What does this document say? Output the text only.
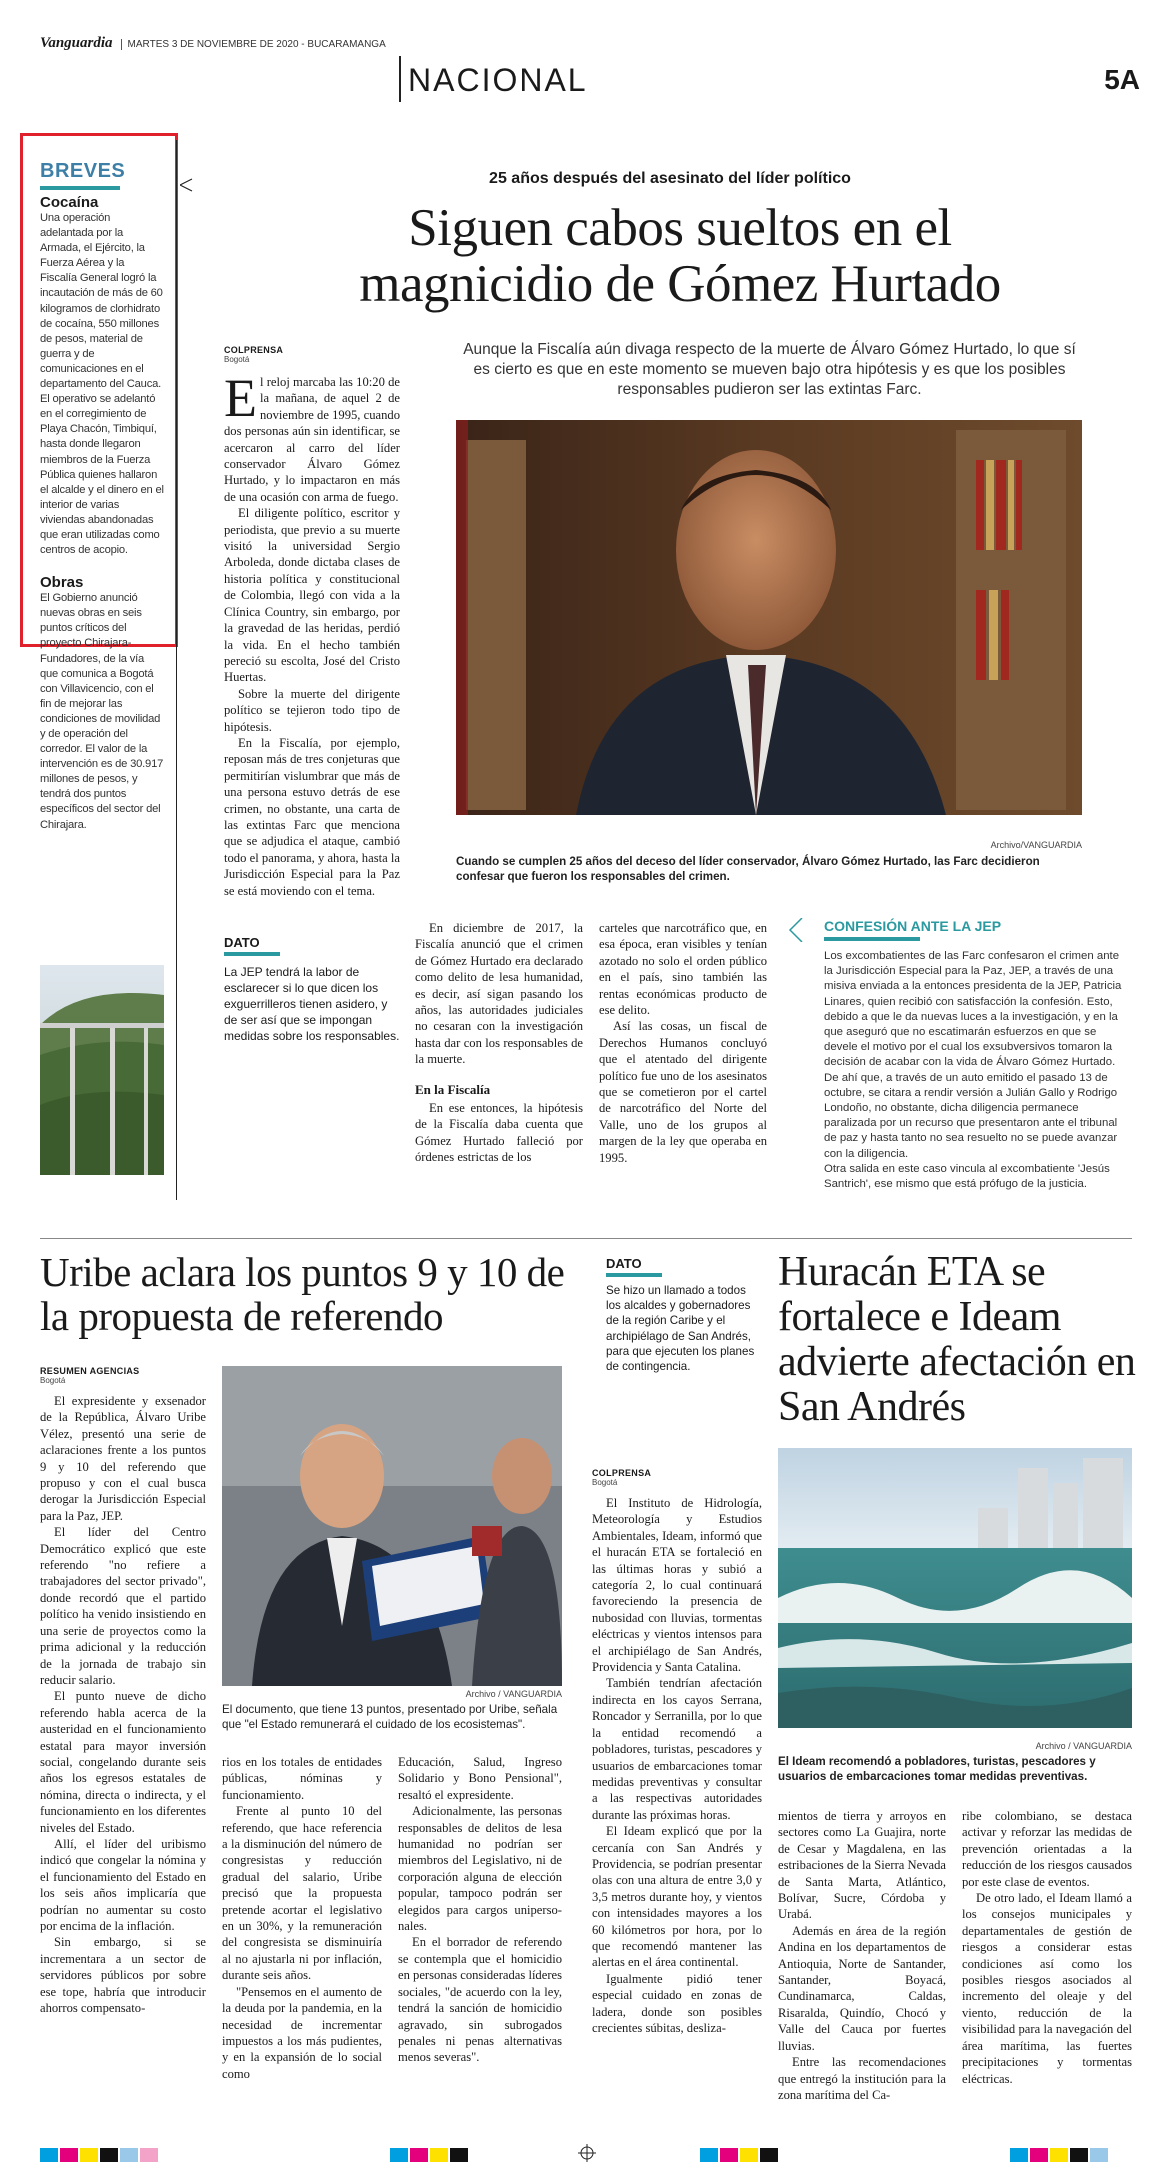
Vanguardia MARTES 3 DE NOVIEMBRE DE 2020 - BUCARAMANGA
NACIONAL	5A
BREVES
Cocaína
Una operación adelantada por la Armada, el Ejército, la Fuerza Aérea y la Fiscalía General logró la incautación de más de 60 kilogramos de clorhidrato de cocaína, 550 millones de pesos, material de guerra y de comunicaciones en el departamento del Cauca. El operativo se adelantó en el corregimiento de Playa Chacón, Timbiquí, hasta donde llegaron miembros de la Fuerza Pública quienes hallaron el alcalde y el dinero en el interior de varias viviendas abandonadas que eran utilizadas como centros de acopio.
Obras
El Gobierno anunció nuevas obras en seis puntos críticos del proyecto Chirajara-Fundadores, de la vía que comunica a Bogotá con Villavicencio, con el fin de mejorar las condiciones de movilidad y de operación del corredor. El valor de la intervención es de 30.917 millones de pesos, y tendrá dos puntos específicos del sector del Chirajara.
25 años después del asesinato del líder político
Siguen cabos sueltos en el magnicidio de Gómez Hurtado
Aunque la Fiscalía aún divaga respecto de la muerte de Álvaro Gómez Hurtado, lo que sí es cierto es que en este momento se mueven bajo otra hipótesis y es que los posibles responsables pudieron ser las extintas Farc.
COLPRENSA
Bogotá

El reloj marcaba las 10:20 de la mañana, de aquel 2 de noviembre de 1995, cuando dos personas aún sin identificar, se acercaron al carro del líder conservador Álvaro Gómez Hurtado, y lo impactaron en más de una ocasión con arma de fuego.

El diligente político, escritor y periodista, que previo a su muerte visitó la universidad Sergio Arboleda, donde dictaba clases de historia política y constitucional de Colombia, llegó con vida a la Clínica Country, sin embargo, por la gravedad de las heridas, perdió la vida. En el hecho también pereció su escolta, José del Cristo Huertas.

Sobre la muerte del dirigente político se tejieron todo tipo de hipótesis.

En la Fiscalía, por ejemplo, reposan más de tres conjeturas que permitirían vislumbrar que más de una persona estuvo detrás de ese crimen, no obstante, una carta de las extintas Farc que menciona que se adjudica el ataque, cambió todo el panorama, y ahora, hasta la Jurisdicción Especial para la Paz se está moviendo con el tema.

DATO
La JEP tendrá la labor de esclarecer si lo que dicen los exguerrilleros tienen asidero, y de ser así que se impongan medidas sobre los responsables.
Archivo/VANGUARDIA
Cuando se cumplen 25 años del deceso del líder conservador, Álvaro Gómez Hurtado, las Farc decidieron confesar que fueron los responsables del crimen.

En diciembre de 2017, la Fiscalía anunció que el crimen de Gómez Hurtado era declarado como delito de lesa humanidad, es decir, así sigan pasando los años, las autoridades judiciales no cesaran con la investigación hasta dar con los responsables de la muerte.

En la Fiscalía

En ese entonces, la hipótesis de la Fiscalía daba cuenta que Gómez Hurtado falleció por órdenes estrictas de los

carteles que narcotráfico que, en esa época, eran visibles y tenían azotado no solo el orden público en el país, sino también las rentas económicas producto de ese delito.

Así las cosas, un fiscal de Derechos Humanos concluyó que el atentado del dirigente político fue uno de los asesinatos que se cometieron por el cartel de narcotráfico del Norte del Valle, uno de los grupos al margen de la ley que operaba en 1995.

CONFESIÓN ANTE LA JEP

Los excombatientes de las Farc confesaron el crimen ante la Jurisdicción Especial para la Paz, JEP, a través de una misiva enviada a la entonces presidenta de la JEP, Patricia Linares, quien recibió con satisfacción la confesión. Esto, debido a que le da nuevas luces a la investigación, y en la que aseguró que no escatimarán esfuerzos en que se devele el motivo por el cual los exsubversivos tomaron la decisión de acabar con la vida de Álvaro Gómez Hurtado.

De ahí que, a través de un auto emitido el pasado 13 de octubre, se citara a rendir versión a Julián Gallo y Rodrigo Londoño, no obstante, dicha diligencia permanece paralizada por un recurso que presentaron ante el tribunal de paz y hasta tanto no sea resuelto no se puede avanzar con la diligencia.

Otra salida en este caso vincula al excombatiente 'Jesús Santrich', ese mismo que está prófugo de la justicia.

Uribe aclara los puntos 9 y 10 de la propuesta de referendo
RESUMEN AGENCIAS
Bogotá

El expresidente y exsenador de la República, Álvaro Uribe Vélez, presentó una serie de aclaraciones frente a los puntos 9 y 10 del referendo que propuso y con el cual busca derogar la Jurisdicción Especial para la Paz, JEP.

El líder del Centro Democrático explicó que este referendo "no refiere a trabajadores del sector privado", donde recordó que el partido político ha venido insistiendo en una serie de proyectos como la prima adicional y la reducción de la jornada de trabajo sin reducir salario.

El punto nueve de dicho referendo habla acerca de la austeridad en el funcionamiento estatal para mayor inversión social, congelando durante seis años los egresos estatales de nómina, directa o indirecta, y el funcionamiento en los diferentes niveles del Estado.

Allí, el líder del uribismo indicó que congelar la nómina y el funcionamiento del Estado en los seis años implicaría que podrían no aumentar su costo por encima de la inflación.

Sin embargo, si se incrementara a un sector de servidores públicos por sobre ese tope, habría que introducir ahorros compensato-

Archivo / VANGUARDIA
El documento, que tiene 13 puntos, presentado por Uribe, señala que "el Estado remunerará el cuidado de los ecosistemas".

rios en los totales de entidades públicas, nóminas y funcionamiento.

Frente al punto 10 del referendo, que hace referencia a la disminución del número de congresistas y reducción gradual del salario, Uribe precisó que la propuesta pretende acortar el legislativo en un 30%, y la remuneración del congresista se disminuiría al no ajustarla ni por inflación, durante seis años.

"Pensemos en el aumento de la deuda por la pandemia, en la necesidad de incrementar impuestos a los más pudientes, y en la expansión de lo social como

Educación, Salud, Ingreso Solidario y Bono Pensional", resaltó el expresidente.

Adicionalmente, las personas responsables de delitos de lesa humanidad no podrían ser miembros del Legislativo, ni de corporación alguna de elección popular, tampoco podrán ser elegidos para cargos unipersonales.

En el borrador de referendo se contempla que el homicidio en personas consideradas líderes sociales, "de acuerdo con la ley, tendrá la sanción de homicidio agravado, sin subrogados penales ni penas alternativas menos severas".

DATO
Se hizo un llamado a todos los alcaldes y gobernadores de la región Caribe y el archipiélago de San Andrés, para que ejecuten los planes de contingencia.
Huracán ETA se fortalece e Ideam advierte afectación en San Andrés
COLPRENSA
Bogotá

El Instituto de Hidrología, Meteorología y Estudios Ambientales, Ideam, informó que el huracán ETA se fortaleció en las últimas horas y subió a categoría 2, lo cual continuará favoreciendo la presencia de nubosidad con lluvias, tormentas eléctricas y vientos intensos para el archipiélago de San Andrés, Providencia y Santa Catalina.

También tendrían afectación indirecta en los cayos Serrana, Roncador y Serranilla, por lo que la entidad recomendó a pobladores, turistas, pescadores y usuarios de embarcaciones tomar medidas preventivas y consultar a las respectivas autoridades durante las próximas horas.

El Ideam explicó que por la cercanía con San Andrés y Providencia, se podrían presentar olas con una altura de entre 3,0 y 3,5 metros durante hoy, y vientos con intensidades mayores a los 60 kilómetros por hora, por lo que recomendó mantener las alertas en el área continental.

Igualmente pidió tener especial cuidado en zonas de ladera, donde son posibles crecientes súbitas, desliza-

Archivo / VANGUARDIA
El Ideam recomendó a pobladores, turistas, pescadores y usuarios de embarcaciones tomar medidas preventivas.

mientos de tierra y arroyos en sectores como La Guajira, norte de Cesar y Magdalena, en las estribaciones de la Sierra Nevada de Santa Marta, Atlántico, Bolívar, Sucre, Córdoba y Urabá.

Además en área de la región Andina en los departamentos de Antioquia, Norte de Santander, Santander, Boyacá, Cundinamarca, Caldas, Risaralda, Quindío, Chocó y Valle del Cauca por fuertes lluvias.

Entre las recomendaciones que entregó la institución para la zona marítima del Ca-

ribe colombiano, se destaca activar y reforzar las medidas de prevención orientadas a la reducción de los riesgos causados por este clase de eventos.

De otro lado, el Ideam llamó a los consejos municipales y departamentales de gestión de riesgos a considerar estas condiciones así como los posibles riesgos asociados al incremento del oleaje y del viento, reducción de la visibilidad para la navegación del área marítima, las fuertes precipitaciones y tormentas eléctricas.
